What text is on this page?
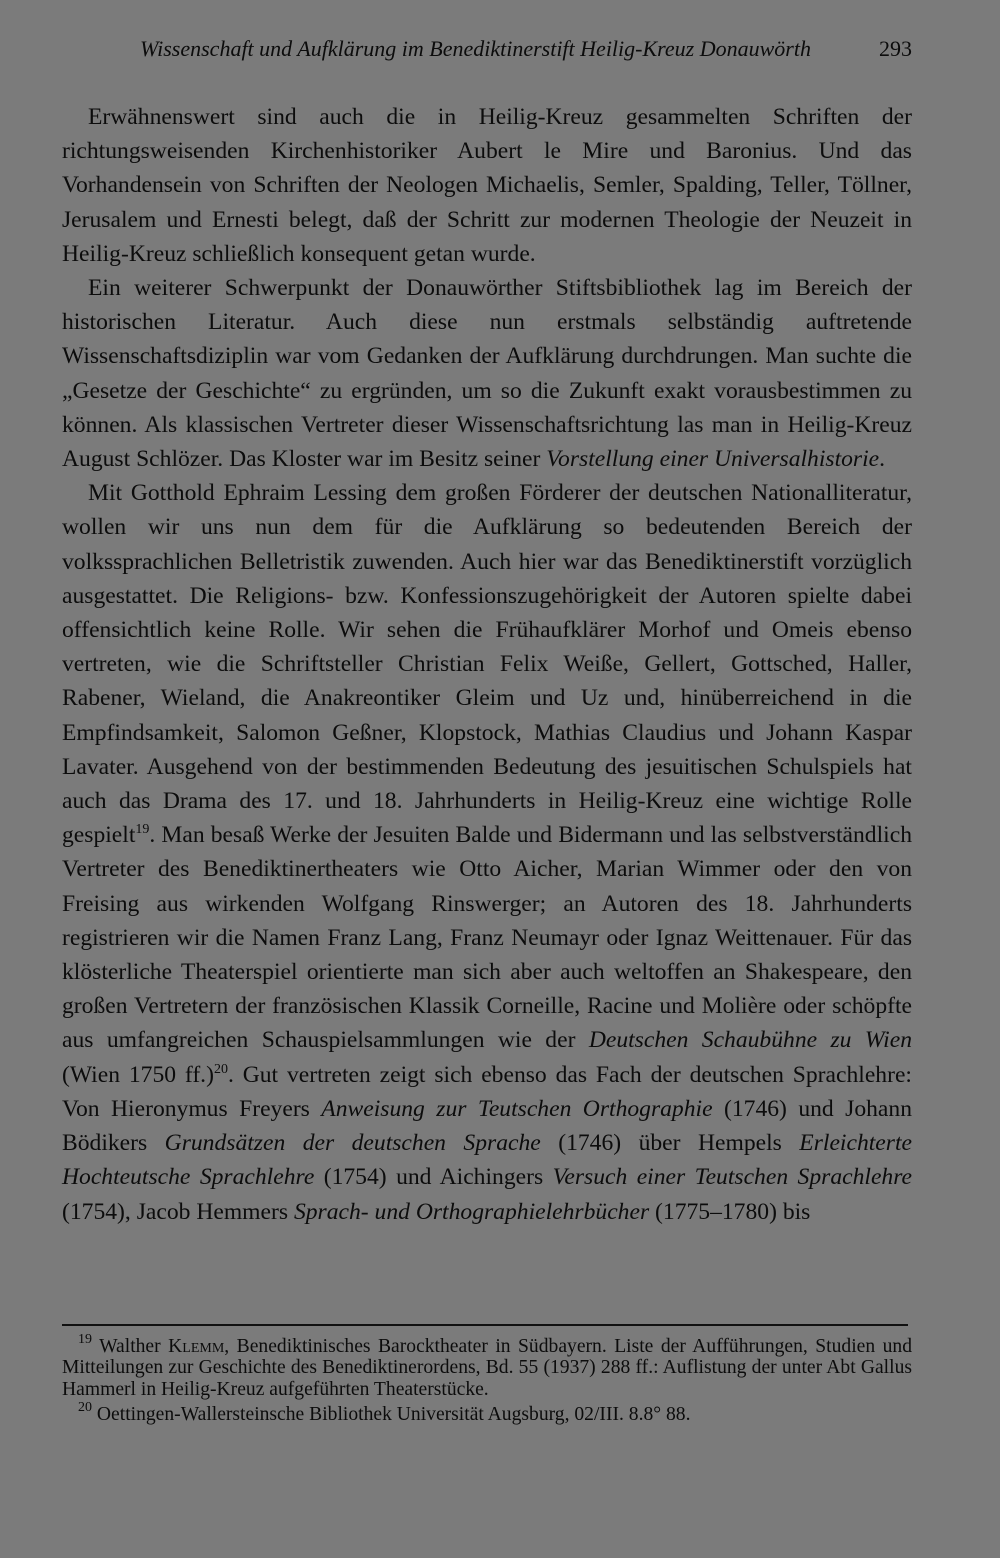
Wissenschaft und Aufklärung im Benediktinerstift Heilig-Kreuz Donauwörth	293

Erwähnenswert sind auch die in Heilig-Kreuz gesammelten Schriften der richtungsweisenden Kirchenhistoriker Aubert le Mire und Baronius. Und das Vorhandensein von Schriften der Neologen Michaelis, Semler, Spalding, Teller, Töllner, Jerusalem und Ernesti belegt, daß der Schritt zur modernen Theologie der Neuzeit in Heilig-Kreuz schließlich konsequent getan wurde.

Ein weiterer Schwerpunkt der Donauwörther Stiftsbibliothek lag im Bereich der historischen Literatur. Auch diese nun erstmals selbständig auftretende Wissenschaftsdiziplin war vom Gedanken der Aufklärung durchdrungen. Man suchte die „Gesetze der Geschichte“ zu ergründen, um so die Zukunft exakt vorausbestimmen zu können. Als klassischen Vertreter dieser Wissenschaftsrichtung las man in Heilig-Kreuz August Schlözer. Das Kloster war im Besitz seiner Vorstellung einer Universalhistorie.

Mit Gotthold Ephraim Lessing dem großen Förderer der deutschen Nationalliteratur, wollen wir uns nun dem für die Aufklärung so bedeutenden Bereich der volkssprachlichen Belletristik zuwenden. Auch hier war das Benediktinerstift vorzüglich ausgestattet. Die Religions- bzw. Konfessionszugehörigkeit der Autoren spielte dabei offensichtlich keine Rolle. Wir sehen die Frühaufklärer Morhof und Omeis ebenso vertreten, wie die Schriftsteller Christian Felix Weiße, Gellert, Gottsched, Haller, Rabener, Wieland, die Anakreontiker Gleim und Uz und, hinüberreichend in die Empfindsamkeit, Salomon Geßner, Klopstock, Mathias Claudius und Johann Kaspar Lavater. Ausgehend von der bestimmenden Bedeutung des jesuitischen Schulspiels hat auch das Drama des 17. und 18. Jahrhunderts in Heilig-Kreuz eine wichtige Rolle gespielt$^{19}$. Man besaß Werke der Jesuiten Balde und Bidermann und las selbstverständlich Vertreter des Benediktinertheaters wie Otto Aicher, Marian Wimmer oder den von Freising aus wirkenden Wolfgang Rinswerger; an Autoren des 18. Jahrhunderts registrieren wir die Namen Franz Lang, Franz Neumayr oder Ignaz Weittenauer. Für das klösterliche Theaterspiel orientierte man sich aber auch weltoffen an Shakespeare, den großen Vertretern der französischen Klassik Corneille, Racine und Molière oder schöpfte aus umfangreichen Schauspielsammlungen wie der Deutschen Schaubühne zu Wien (Wien 1750 ff.)$^{20}$. Gut vertreten zeigt sich ebenso das Fach der deutschen Sprachlehre: Von Hieronymus Freyers Anweisung zur Teutschen Orthographie (1746) und Johann Bödikers Grundsätzen der deutschen Sprache (1746) über Hempels Erleichterte Hochteutsche Sprachlehre (1754) und Aichingers Versuch einer Teutschen Sprachlehre (1754), Jacob Hemmers Sprach- und Orthographielehrbücher (1775–1780) bis

$^{19}$ Walther Klemm, Benediktinisches Barocktheater in Südbayern. Liste der Aufführungen, Studien und Mitteilungen zur Geschichte des Benediktinerordens, Bd. 55 (1937) 288 ff.: Auflistung der unter Abt Gallus Hammerl in Heilig-Kreuz aufgeführten Theaterstücke.

$^{20}$ Oettingen-Wallersteinsche Bibliothek Universität Augsburg, 02/III. 8.8° 88.
